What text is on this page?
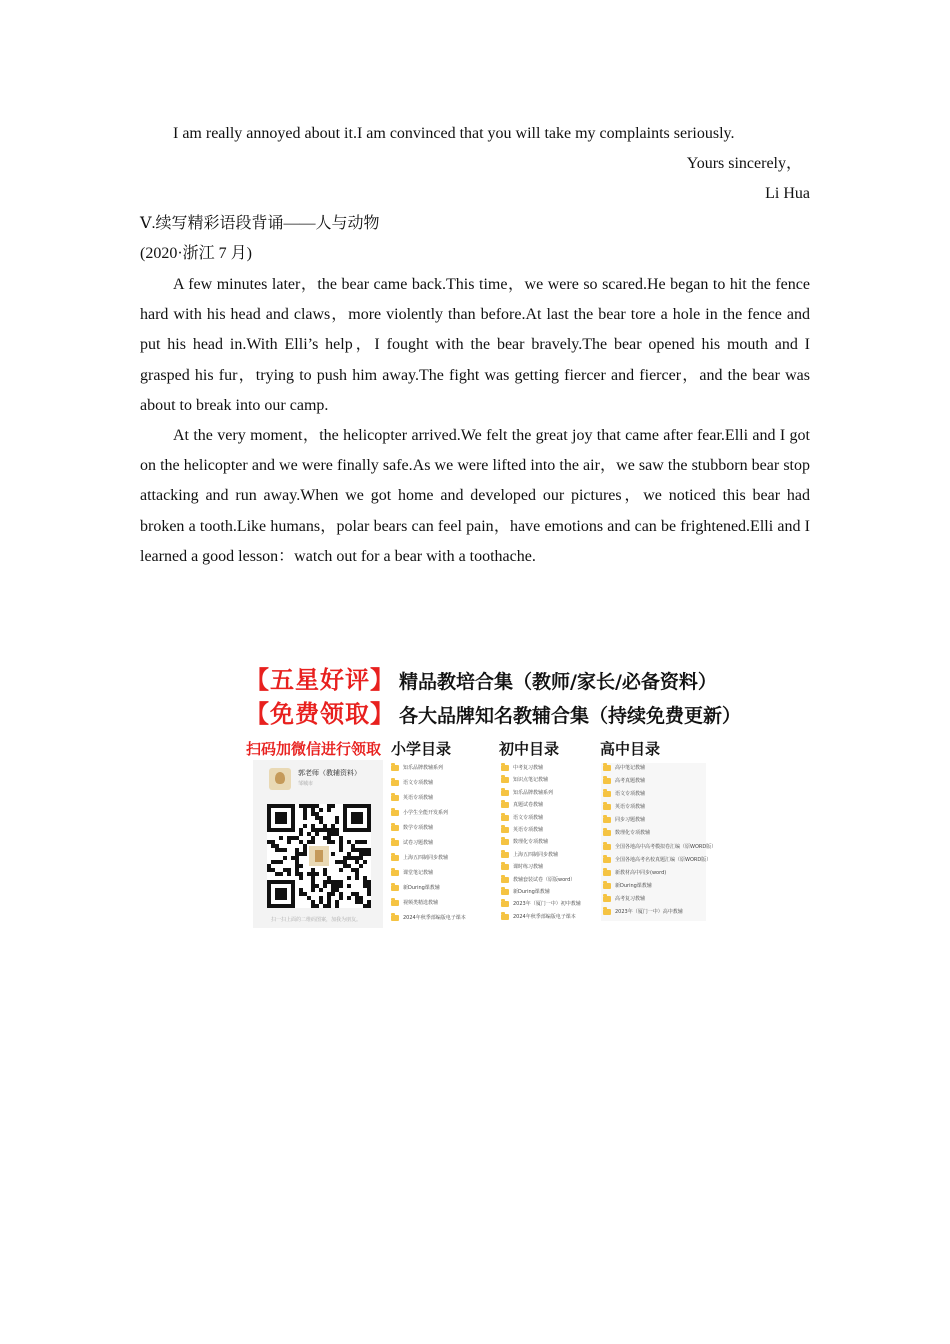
I am really annoyed about it.I am convinced that you will take my complaints seriously.
Yours sincerely，
Li Hua
Ⅴ.续写精彩语段背诵——人与动物
(2020·浙江 7 月)

A few minutes later，the bear came back.This time，we were so scared.He began to hit the fence hard with his head and claws，more violently than before.At last the bear tore a hole in the fence and put his head in.With Elli’s help，I fought with the bear bravely.The bear opened his mouth and I grasped his fur，trying to push him away.The fight was getting fiercer and fiercer，and the bear was about to break into our camp.

At the very moment，the helicopter arrived.We felt the great joy that came after fear.Elli and I got on the helicopter and we were finally safe.As we were lifted into the air，we saw the stubborn bear stop attacking and run away.When we got home and developed our pictures，we noticed this bear had broken a tooth.Like humans，polar bears can feel pain，have emotions and can be frightened.Elli and I learned a good lesson：watch out for a bear with a toothache.

【五星好评】 精品教培合集（教师/家长/必备资料）
【免费领取】 各大品牌知名教辅合集（持续免费更新）
扫码加微信进行领取 小学目录	初中目录	高中目录
郭老师（教辅资料）
邹城市
扫一扫上面的二维码图案，加我为朋友。
知乐品牌教辅系列
语文专项教辅
英语专项教辅
小学生全能开发系列
数学专项教辅
试卷习题教辅
上海五四制同步教辅
课堂笔记教辅
新During课教辅
视频类精选教辅
2024年秋季部编版电子课本
中考复习教辅
知识点笔记教辅
知乐品牌教辅系列
真题试卷教辅
语文专项教辅
英语专项教辅
数理化专项教辅
上海五四制同步教辅
课时练习教辅
教辅套装试卷（原版word）
新During课教辅
2023年（厦门一中）初中教辅
2024年秋季部编版电子课本
高中笔记教辅
高考真题教辅
语文专项教辅
英语专项教辅
同步习题教辅
数理化专项教辅
全国各地高中高考模拟卷汇编（原WORD版）
全国各地高考名校真题汇编（原WORD版）
新教材高中同步(word)
新During课教辅
高考复习教辅
2023年（厦门一中）高中教辅
